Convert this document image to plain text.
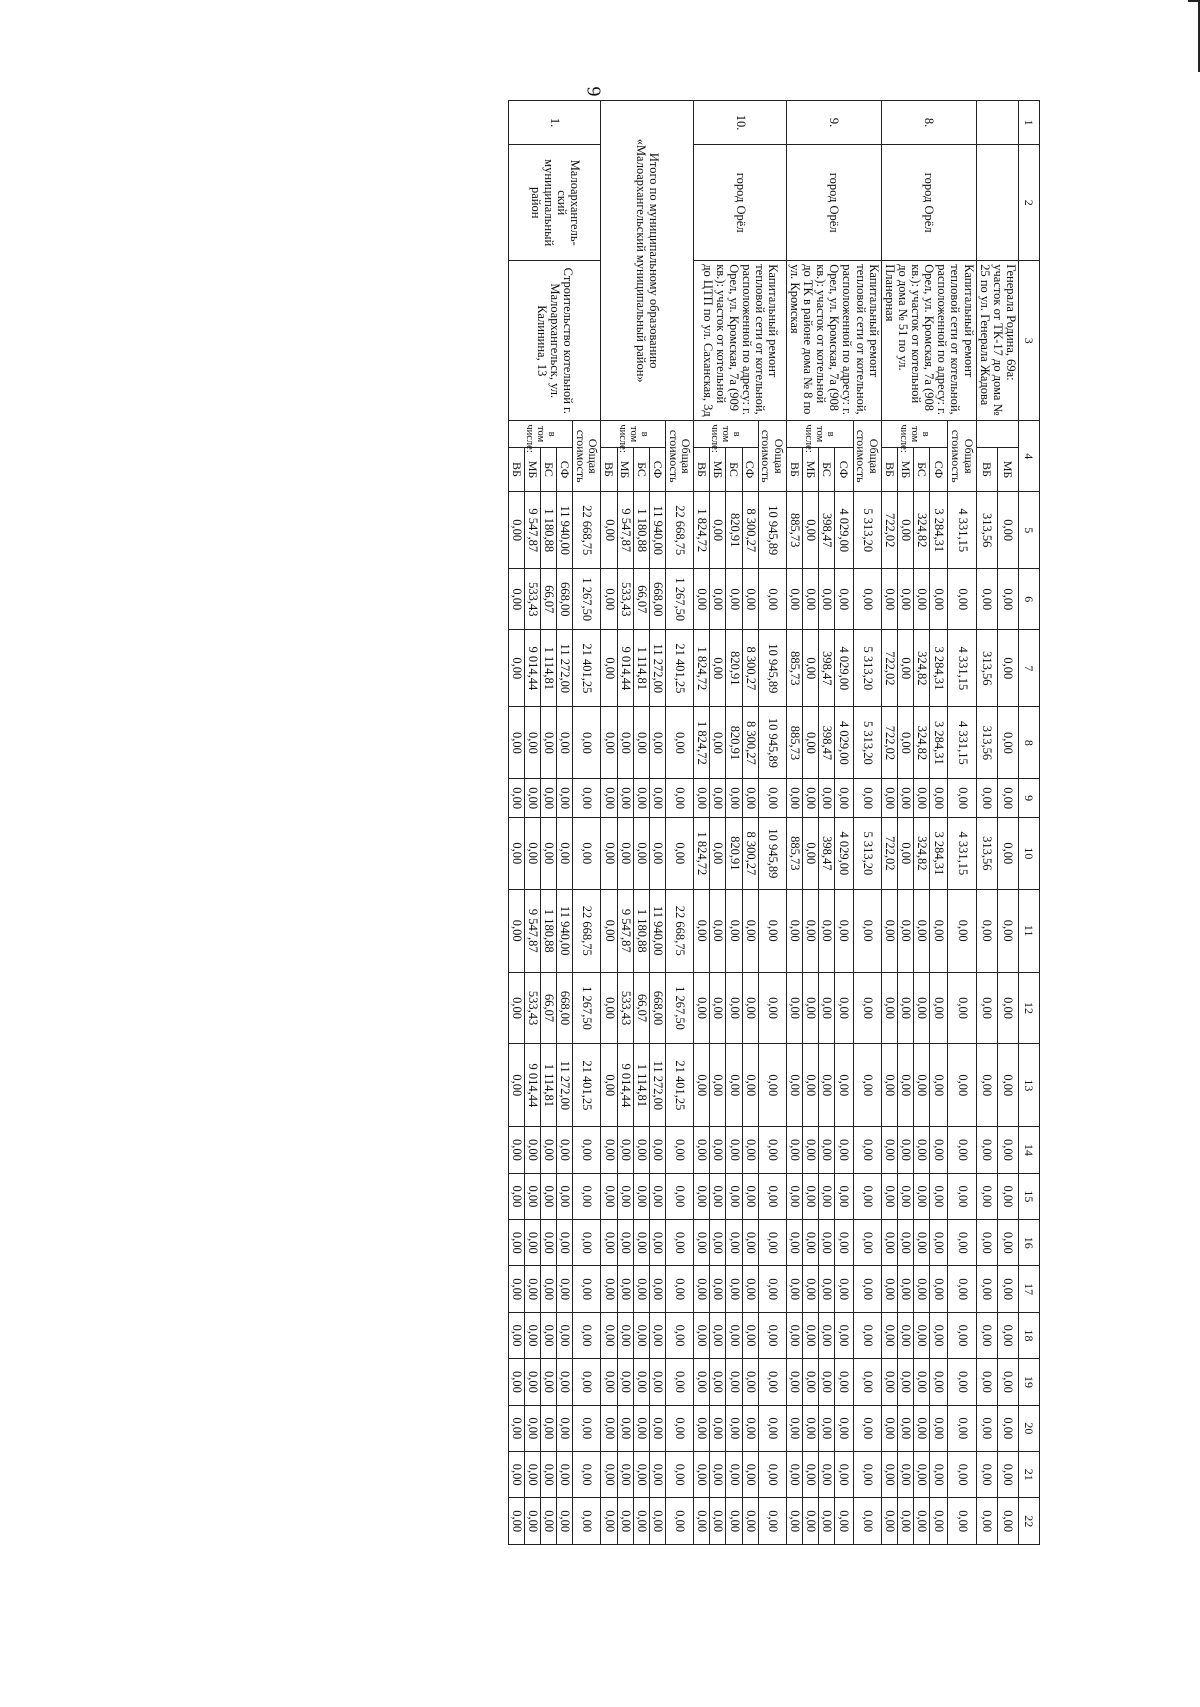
6
1	2	3	4		5	6	7	8	9	10	11	12	13	14	15	16	17	18	19	20	21	22
		Генерала Родина, 69а: участок от ТК-17 до дома № 25 по ул. Генерала Жадова		МБ	0,00	0,00	0,00	0,00	0,00	0,00	0,00	0,00	0,00	0,00	0,00	0,00	0,00	0,00	0,00	0,00	0,00	0,00
				ВБ	313,56	0,00	313,56	313,56	0,00	313,56	0,00	0,00	0,00	0,00	0,00	0,00	0,00	0,00	0,00	0,00	0,00	0,00
8.	город Орёл	Капитальный ремонт тепловой сети от котельной, расположенной по адресу: г. Орел, ул. Кромская, 7а (908 кв.): участок от котельной до дома № 51 по ул. Планерная	Общая стоимость		4 331,15	0,00	4 331,15	4 331,15	0,00	4 331,15	0,00	0,00	0,00	0,00	0,00	0,00	0,00	0,00	0,00	0,00	0,00	0,00
			в том числе:	СФ	3 284,31	0,00	3 284,31	3 284,31	0,00	3 284,31	0,00	0,00	0,00	0,00	0,00	0,00	0,00	0,00	0,00	0,00	0,00	0,00
				БС	324,82	0,00	324,82	324,82	0,00	324,82	0,00	0,00	0,00	0,00	0,00	0,00	0,00	0,00	0,00	0,00	0,00	0,00
				МБ	0,00	0,00	0,00	0,00	0,00	0,00	0,00	0,00	0,00	0,00	0,00	0,00	0,00	0,00	0,00	0,00	0,00	0,00
				ВБ	722,02	0,00	722,02	722,02	0,00	722,02	0,00	0,00	0,00	0,00	0,00	0,00	0,00	0,00	0,00	0,00	0,00	0,00
9.	город Орёл	Капитальный ремонт тепловой сети от котельной, расположенной по адресу: г. Орел, ул. Кромская, 7а (908 кв.): участок от котельной до ТК в районе дома № 8 по ул. Кромская	Общая стоимость		5 313,20	0,00	5 313,20	5 313,20	0,00	5 313,20	0,00	0,00	0,00	0,00	0,00	0,00	0,00	0,00	0,00	0,00	0,00	0,00
			в том числе:	СФ	4 029,00	0,00	4 029,00	4 029,00	0,00	4 029,00	0,00	0,00	0,00	0,00	0,00	0,00	0,00	0,00	0,00	0,00	0,00	0,00
				БС	398,47	0,00	398,47	398,47	0,00	398,47	0,00	0,00	0,00	0,00	0,00	0,00	0,00	0,00	0,00	0,00	0,00	0,00
				МБ	0,00	0,00	0,00	0,00	0,00	0,00	0,00	0,00	0,00	0,00	0,00	0,00	0,00	0,00	0,00	0,00	0,00	0,00
				ВБ	885,73	0,00	885,73	885,73	0,00	885,73	0,00	0,00	0,00	0,00	0,00	0,00	0,00	0,00	0,00	0,00	0,00	0,00
10.	город Орёл	Капитальный ремонт тепловой сети от котельной, расположенной по адресу: г. Орел, ул. Кромская, 7а (909 кв.): участок от котельной до ЦТП по ул. Саханская, 3д	Общая стоимость		10 945,89	0,00	10 945,89	10 945,89	0,00	10 945,89	0,00	0,00	0,00	0,00	0,00	0,00	0,00	0,00	0,00	0,00	0,00	0,00
			в том числе:	СФ	8 300,27	0,00	8 300,27	8 300,27	0,00	8 300,27	0,00	0,00	0,00	0,00	0,00	0,00	0,00	0,00	0,00	0,00	0,00	0,00
				БС	820,91	0,00	820,91	820,91	0,00	820,91	0,00	0,00	0,00	0,00	0,00	0,00	0,00	0,00	0,00	0,00	0,00	0,00
				МБ	0,00	0,00	0,00	0,00	0,00	0,00	0,00	0,00	0,00	0,00	0,00	0,00	0,00	0,00	0,00	0,00	0,00	0,00
				ВБ	1 824,72	0,00	1 824,72	1 824,72	0,00	1 824,72	0,00	0,00	0,00	0,00	0,00	0,00	0,00	0,00	0,00	0,00	0,00	0,00
Итого по муниципальному образованию «Малоархангельский муниципальный район»			Общая стоимость		22 668,75	1 267,50	21 401,25	0,00	0,00	0,00	22 668,75	1 267,50	21 401,25	0,00	0,00	0,00	0,00	0,00	0,00	0,00	0,00	0,00
			в том числе:	СФ	11 940,00	668,00	11 272,00	0,00	0,00	0,00	11 940,00	668,00	11 272,00	0,00	0,00	0,00	0,00	0,00	0,00	0,00	0,00	0,00
				БС	1 180,88	66,07	1 114,81	0,00	0,00	0,00	1 180,88	66,07	1 114,81	0,00	0,00	0,00	0,00	0,00	0,00	0,00	0,00	0,00
				МБ	9 547,87	533,43	9 014,44	0,00	0,00	0,00	9 547,87	533,43	9 014,44	0,00	0,00	0,00	0,00	0,00	0,00	0,00	0,00	0,00
				ВБ	0,00	0,00	0,00	0,00	0,00	0,00	0,00	0,00	0,00	0,00	0,00	0,00	0,00	0,00	0,00	0,00	0,00	0,00
1.	Малоархангель-ский муниципальный район	Строительство котельной г. Малоархангельск, ул. Калинина, 13	Общая стоимость		22 668,75	1 267,50	21 401,25	0,00	0,00	0,00	22 668,75	1 267,50	21 401,25	0,00	0,00	0,00	0,00	0,00	0,00	0,00	0,00	0,00
			в том числе:	СФ	11 940,00	668,00	11 272,00	0,00	0,00	0,00	11 940,00	668,00	11 272,00	0,00	0,00	0,00	0,00	0,00	0,00	0,00	0,00	0,00
				БС	1 180,88	66,07	1 114,81	0,00	0,00	0,00	1 180,88	66,07	1 114,81	0,00	0,00	0,00	0,00	0,00	0,00	0,00	0,00	0,00
				МБ	9 547,87	533,43	9 014,44	0,00	0,00	0,00	9 547,87	533,43	9 014,44	0,00	0,00	0,00	0,00	0,00	0,00	0,00	0,00	0,00
				ВБ	0,00	0,00	0,00	0,00	0,00	0,00	0,00	0,00	0,00	0,00	0,00	0,00	0,00	0,00	0,00	0,00	0,00	0,00
